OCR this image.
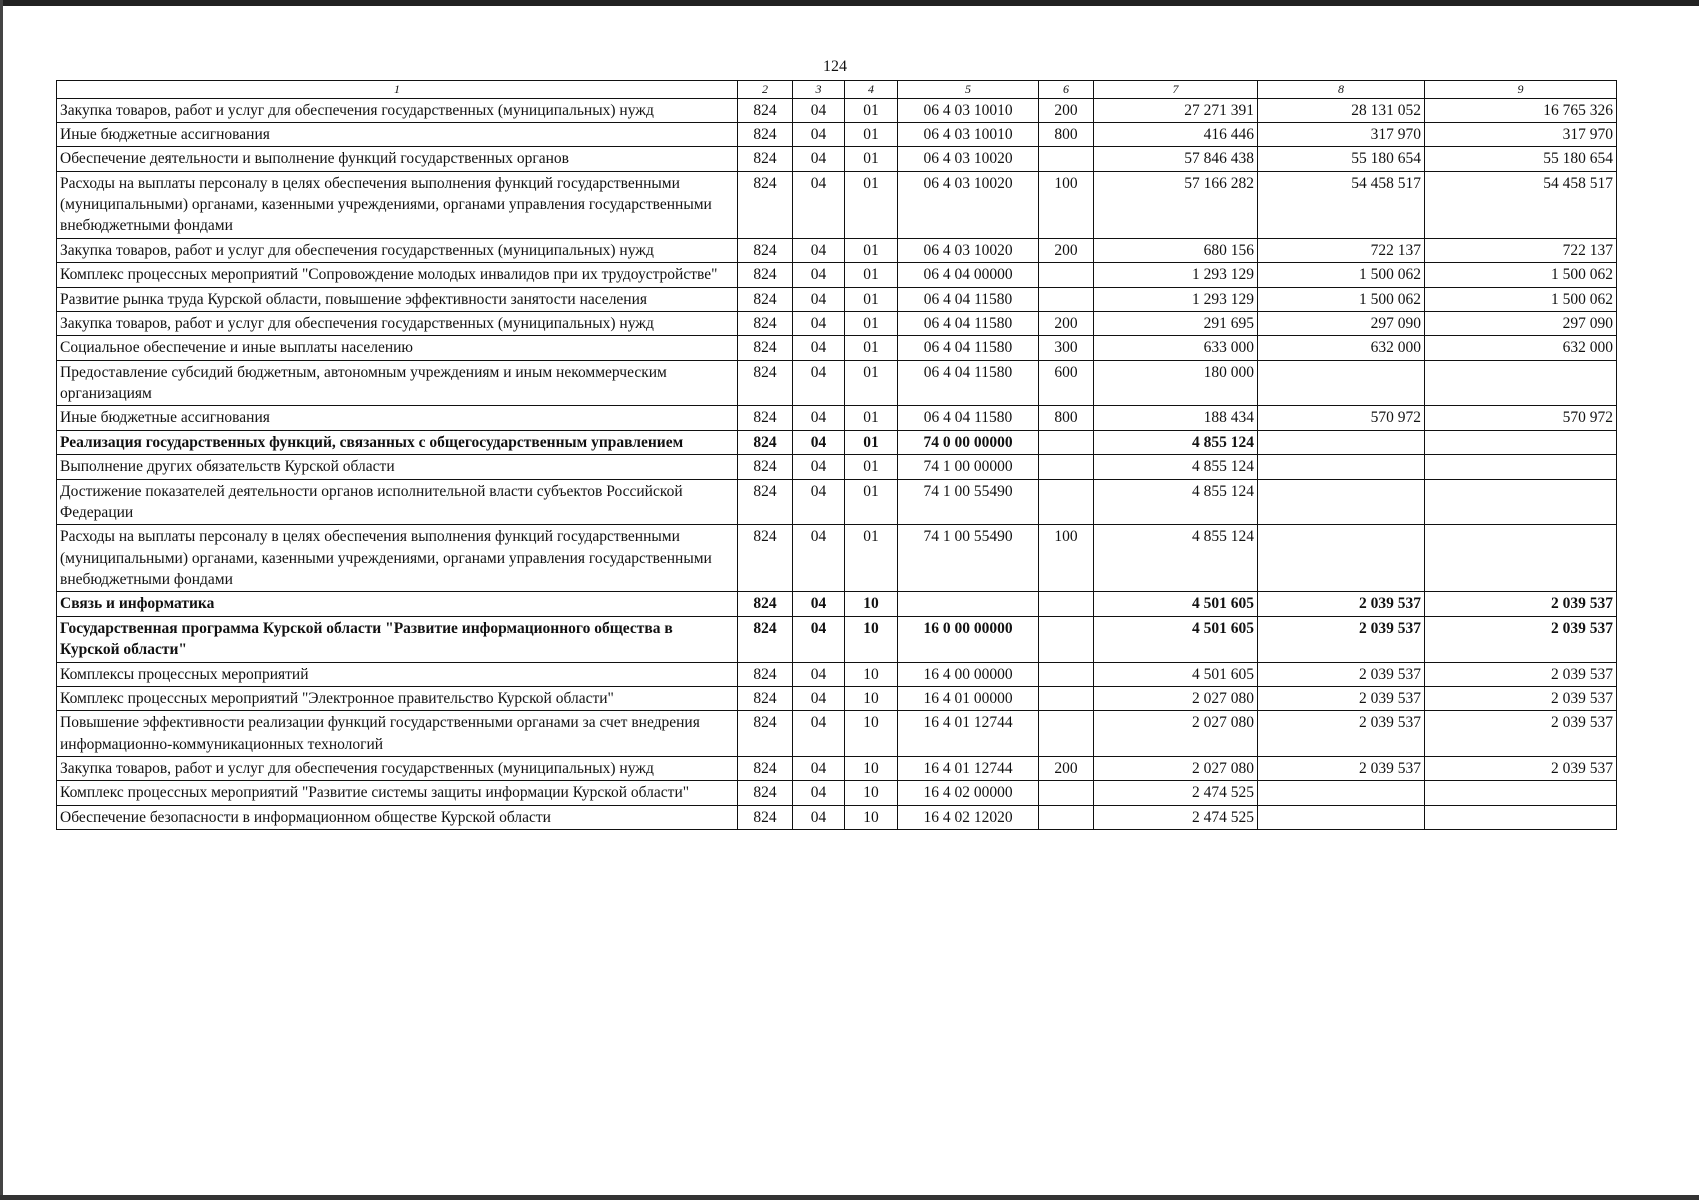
124
1	2	3	4	5	6	7	8	9
Закупка товаров, работ и услуг для обеспечения государственных (муниципальных) нужд	824	04	01	06 4 03 10010	200	27 271 391	28 131 052	16 765 326
Иные бюджетные ассигнования	824	04	01	06 4 03 10010	800	416 446	317 970	317 970
Обеспечение деятельности и выполнение функций государственных органов	824	04	01	06 4 03 10020		57 846 438	55 180 654	55 180 654
Расходы на выплаты персоналу в целях обеспечения выполнения функций государственными (муниципальными) органами, казенными учреждениями, органами управления государственными внебюджетными фондами	824	04	01	06 4 03 10020	100	57 166 282	54 458 517	54 458 517
Закупка товаров, работ и услуг для обеспечения государственных (муниципальных) нужд	824	04	01	06 4 03 10020	200	680 156	722 137	722 137
Комплекс процессных мероприятий "Сопровождение молодых инвалидов при их трудоустройстве"	824	04	01	06 4 04 00000		1 293 129	1 500 062	1 500 062
Развитие рынка труда Курской области, повышение эффективности занятости населения	824	04	01	06 4 04 11580		1 293 129	1 500 062	1 500 062
Закупка товаров, работ и услуг для обеспечения государственных (муниципальных) нужд	824	04	01	06 4 04 11580	200	291 695	297 090	297 090
Социальное обеспечение и иные выплаты населению	824	04	01	06 4 04 11580	300	633 000	632 000	632 000
Предоставление субсидий бюджетным, автономным учреждениям и иным некоммерческим организациям	824	04	01	06 4 04 11580	600	180 000		
Иные бюджетные ассигнования	824	04	01	06 4 04 11580	800	188 434	570 972	570 972
Реализация государственных функций, связанных с общегосударственным управлением	824	04	01	74 0 00 00000		4 855 124		
Выполнение других обязательств Курской области	824	04	01	74 1 00 00000		4 855 124		
Достижение показателей деятельности органов исполнительной власти субъектов Российской Федерации	824	04	01	74 1 00 55490		4 855 124		
Расходы на выплаты персоналу в целях обеспечения выполнения функций государственными (муниципальными) органами, казенными учреждениями, органами управления государственными внебюджетными фондами	824	04	01	74 1 00 55490	100	4 855 124		
Связь и информатика	824	04	10			4 501 605	2 039 537	2 039 537
Государственная программа Курской области "Развитие информационного общества в Курской области"	824	04	10	16 0 00 00000		4 501 605	2 039 537	2 039 537
Комплексы процессных мероприятий	824	04	10	16 4 00 00000		4 501 605	2 039 537	2 039 537
Комплекс процессных мероприятий "Электронное правительство Курской области"	824	04	10	16 4 01 00000		2 027 080	2 039 537	2 039 537
Повышение эффективности реализации функций государственными органами за счет внедрения информационно-коммуникационных технологий	824	04	10	16 4 01 12744		2 027 080	2 039 537	2 039 537
Закупка товаров, работ и услуг для обеспечения государственных (муниципальных) нужд	824	04	10	16 4 01 12744	200	2 027 080	2 039 537	2 039 537
Комплекс процессных мероприятий "Развитие системы защиты информации Курской области"	824	04	10	16 4 02 00000		2 474 525		
Обеспечение безопасности в информационном обществе Курской области	824	04	10	16 4 02 12020		2 474 525		
